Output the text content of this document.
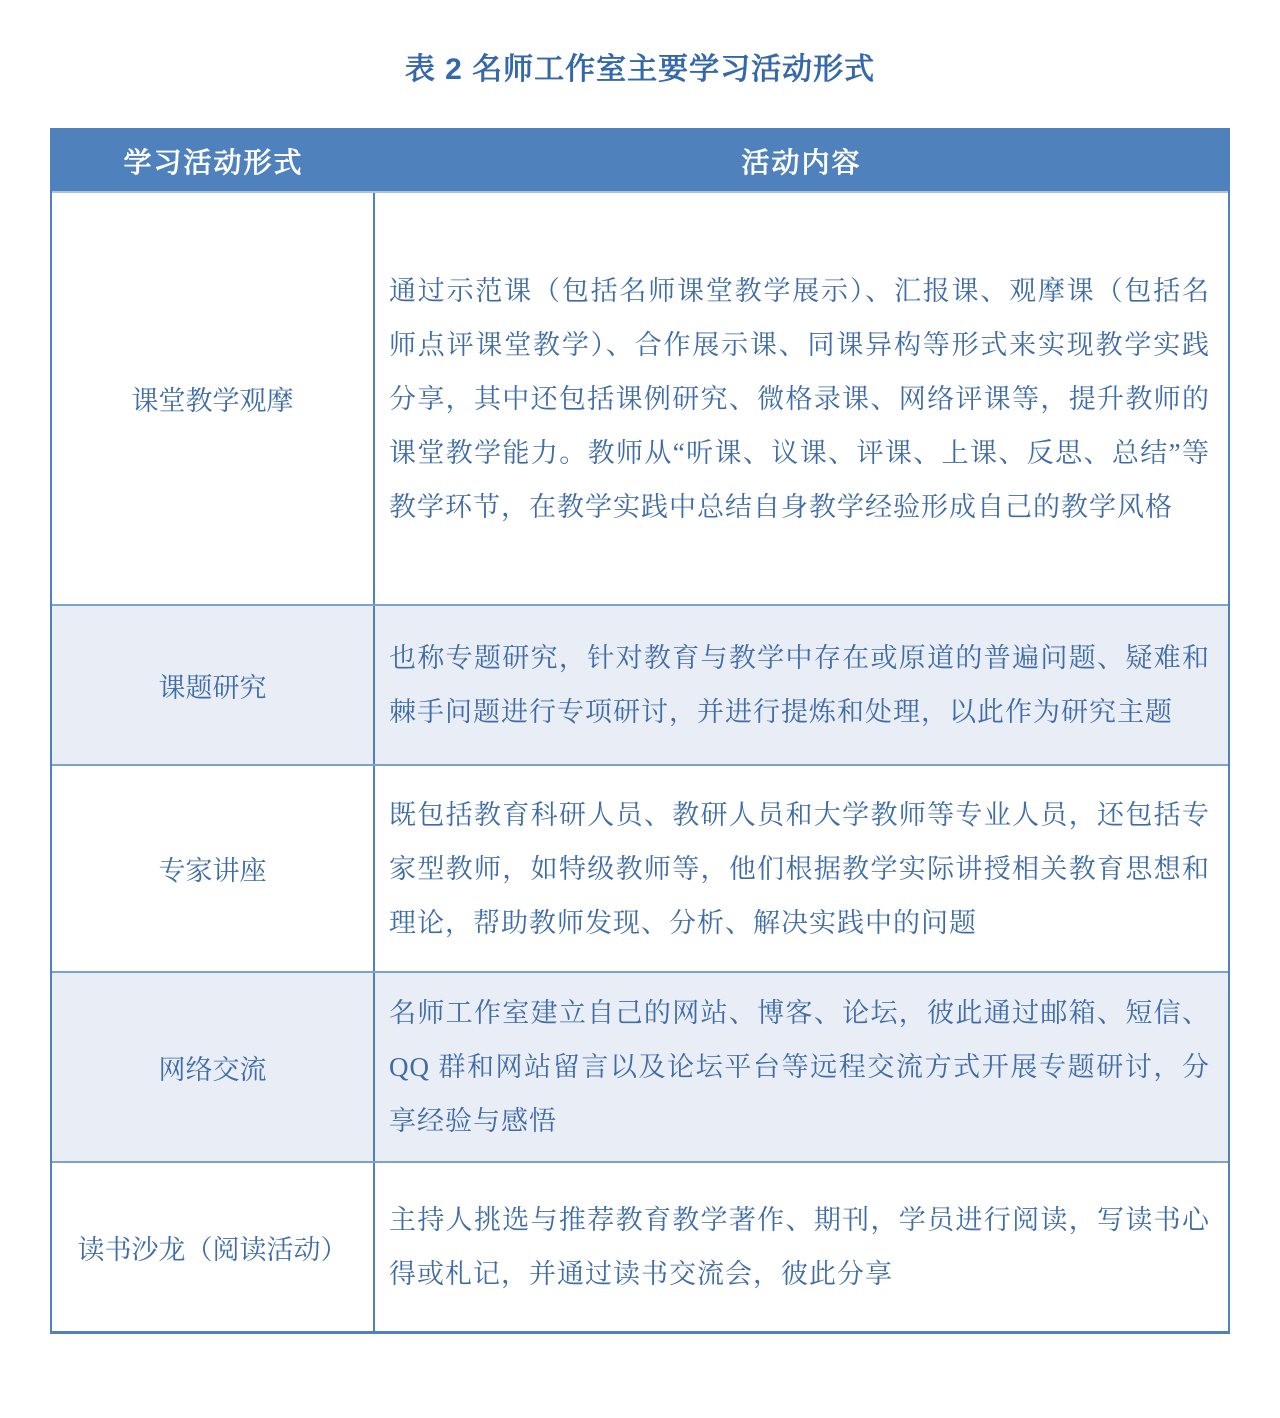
表 2 名师工作室主要学习活动形式
学习活动形式	活动内容
课堂教学观摩

通过示范课（包括名师课堂教学展示）、汇报课、观摩课（包括名师点评课堂教学）、合作展示课、同课异构等形式来实现教学实践分享，其中还包括课例研究、微格录课、网络评课等，提升教师的课堂教学能力。教师从“听课、议课、评课、上课、反思、总结”等教学环节，在教学实践中总结自身教学经验形成自己的教学风格

课题研究

也称专题研究，针对教育与教学中存在或原道的普遍问题、疑难和棘手问题进行专项研讨，并进行提炼和处理，以此作为研究主题

专家讲座

既包括教育科研人员、教研人员和大学教师等专业人员，还包括专家型教师，如特级教师等，他们根据教学实际讲授相关教育思想和理论，帮助教师发现、分析、解决实践中的问题

网络交流

名师工作室建立自己的网站、博客、论坛，彼此通过邮箱、短信、QQ 群和网站留言以及论坛平台等远程交流方式开展专题研讨，分享经验与感悟

读书沙龙（阅读活动）

主持人挑选与推荐教育教学著作、期刊，学员进行阅读，写读书心得或札记，并通过读书交流会，彼此分享
